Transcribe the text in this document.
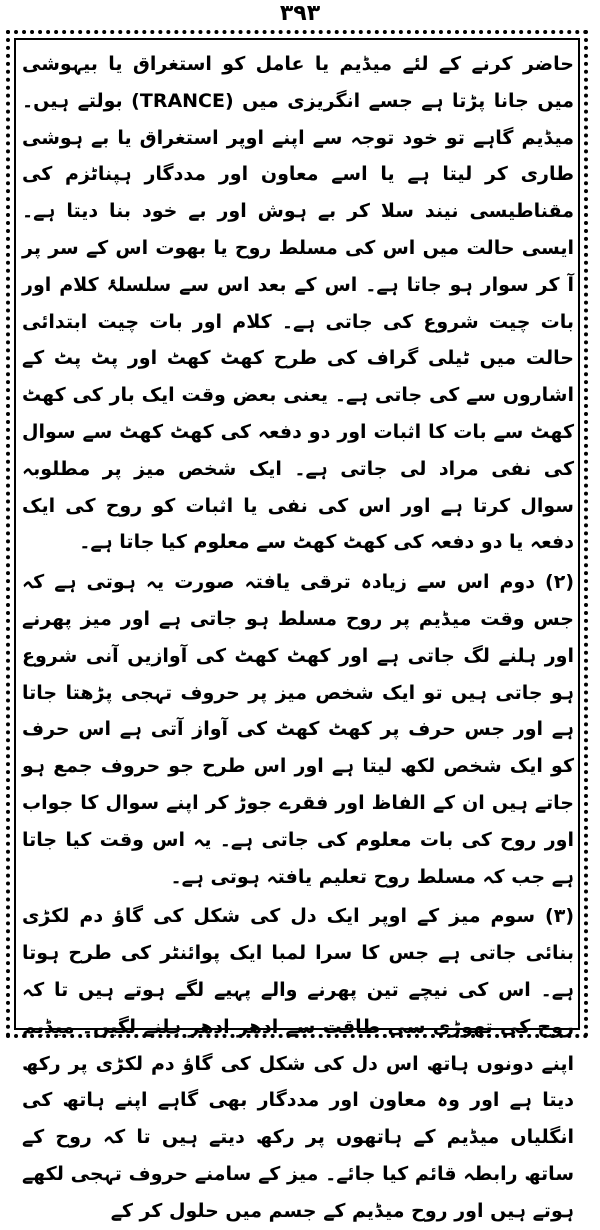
٣٩٣

حاضر کرنے کے لئے میڈیم یا عامل کو استغراق یا بیہوشی میں جانا پڑتا ہے جسے انگریزی میں (TRANCE) بولتے ہیں۔ میڈیم گاہے تو خود توجہ سے اپنے اوپر استغراق یا بے ہوشی طاری کر لیتا ہے یا اسے معاون اور مددگار ہپناٹزم کی مقناطیسی نیند سلا کر بے ہوش اور بے خود بنا دیتا ہے۔ ایسی حالت میں اس کی مسلط روح یا بھوت اس کے سر پر آ کر سوار ہو جاتا ہے۔ اس کے بعد اس سے سلسلۂ کلام اور بات چیت شروع کی جاتی ہے۔ کلام اور بات چیت ابتدائی حالت میں ٹیلی گراف کی طرح کھٹ کھٹ اور پٹ پٹ کے اشاروں سے کی جاتی ہے۔ یعنی بعض وقت ایک بار کی کھٹ کھٹ سے بات کا اثبات اور دو دفعہ کی کھٹ کھٹ سے سوال کی نفی مراد لی جاتی ہے۔ ایک شخص میز پر مطلوبہ سوال کرتا ہے اور اس کی نفی یا اثبات کو روح کی ایک دفعہ یا دو دفعہ کی کھٹ کھٹ سے معلوم کیا جاتا ہے۔

(۲) دوم اس سے زیادہ ترقی یافتہ صورت یہ ہوتی ہے کہ جس وقت میڈیم پر روح مسلط ہو جاتی ہے اور میز پھرنے اور ہلنے لگ جاتی ہے اور کھٹ کھٹ کی آوازیں آنی شروع ہو جاتی ہیں تو ایک شخص میز پر حروف تہجی پڑھتا جاتا ہے اور جس حرف پر کھٹ کھٹ کی آواز آتی ہے اس حرف کو ایک شخص لکھ لیتا ہے اور اس طرح جو حروف جمع ہو جاتے ہیں ان کے الفاظ اور فقرے جوڑ کر اپنے سوال کا جواب اور روح کی بات معلوم کی جاتی ہے۔ یہ اس وقت کیا جاتا ہے جب کہ مسلط روح تعلیم یافتہ ہوتی ہے۔

(۳) سوم میز کے اوپر ایک دل کی شکل کی گاؤ دم لکڑی بنائی جاتی ہے جس کا سرا لمبا ایک پوائنٹر کی طرح ہوتا ہے۔ اس کی نیچے تین پھرنے والے پہیے لگے ہوتے ہیں تا کہ روح کی تھوڑی سی طاقت سے ادھر ادھر ہلنے لگیں۔ میڈیم اپنے دونوں ہاتھ اس دل کی شکل کی گاؤ دم لکڑی پر رکھ دیتا ہے اور وہ معاون اور مددگار بھی گاہے اپنے ہاتھ کی انگلیاں میڈیم کے ہاتھوں پر رکھ دیتے ہیں تا کہ روح کے ساتھ رابطہ قائم کیا جائے۔ میز کے سامنے حروف تہجی لکھے ہوتے ہیں اور روح میڈیم کے جسم میں حلول کر کے
